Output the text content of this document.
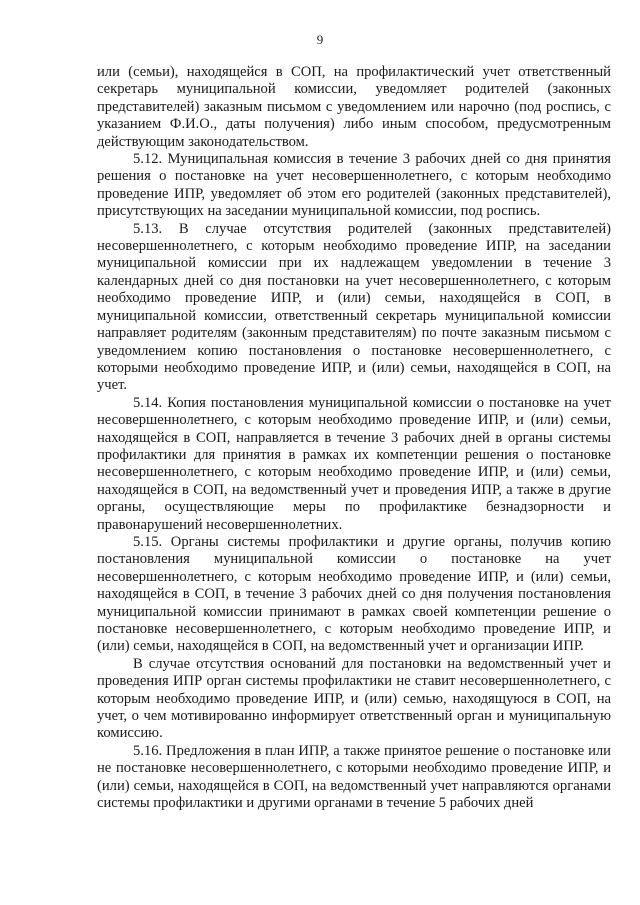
9

или (семьи), находящейся в СОП, на профилактический учет ответственный секретарь муниципальной комиссии, уведомляет родителей (законных представителей) заказным письмом с уведомлением или нарочно (под роспись, с указанием Ф.И.О., даты получения) либо иным способом, предусмотренным действующим законодательством.

5.12. Муниципальная комиссия в течение 3 рабочих дней со дня принятия решения о постановке на учет несовершеннолетнего, с которым необходимо проведение ИПР, уведомляет об этом его родителей (законных представителей), присутствующих на заседании муниципальной комиссии, под роспись.

5.13. В случае отсутствия родителей (законных представителей) несовершеннолетнего, с которым необходимо проведение ИПР, на заседании муниципальной комиссии при их надлежащем уведомлении в течение 3 календарных дней со дня постановки на учет несовершеннолетнего, с которым необходимо проведение ИПР, и (или) семьи, находящейся в СОП, в муниципальной комиссии, ответственный секретарь муниципальной комиссии направляет родителям (законным представителям) по почте заказным письмом с уведомлением копию постановления о постановке несовершеннолетнего, с которыми необходимо проведение ИПР, и (или) семьи, находящейся в СОП, на учет.

5.14. Копия постановления муниципальной комиссии о постановке на учет несовершеннолетнего, с которым необходимо проведение ИПР, и (или) семьи, находящейся в СОП, направляется в течение 3 рабочих дней в органы системы профилактики для принятия в рамках их компетенции решения о постановке несовершеннолетнего, с которым необходимо проведение ИПР, и (или) семьи, находящейся в СОП, на ведомственный учет и проведения ИПР, а также в другие органы, осуществляющие меры по профилактике безнадзорности и правонарушений несовершеннолетних.

5.15. Органы системы профилактики и другие органы, получив копию постановления муниципальной комиссии о постановке на учет несовершеннолетнего, с которым необходимо проведение ИПР, и (или) семьи, находящейся в СОП, в течение 3 рабочих дней со дня получения постановления муниципальной комиссии принимают в рамках своей компетенции решение о постановке несовершеннолетнего, с которым необходимо проведение ИПР, и (или) семьи, находящейся в СОП, на ведомственный учет и организации ИПР.

В случае отсутствия оснований для постановки на ведомственный учет и проведения ИПР орган системы профилактики не ставит несовершеннолетнего, с которым необходимо проведение ИПР, и (или) семью, находящуюся в СОП, на учет, о чем мотивированно информирует ответственный орган и муниципальную комиссию.

5.16. Предложения в план ИПР, а также принятое решение о постановке или не постановке несовершеннолетнего, с которыми необходимо проведение ИПР, и (или) семьи, находящейся в СОП, на ведомственный учет направляются органами системы профилактики и другими органами в течение 5 рабочих дней
